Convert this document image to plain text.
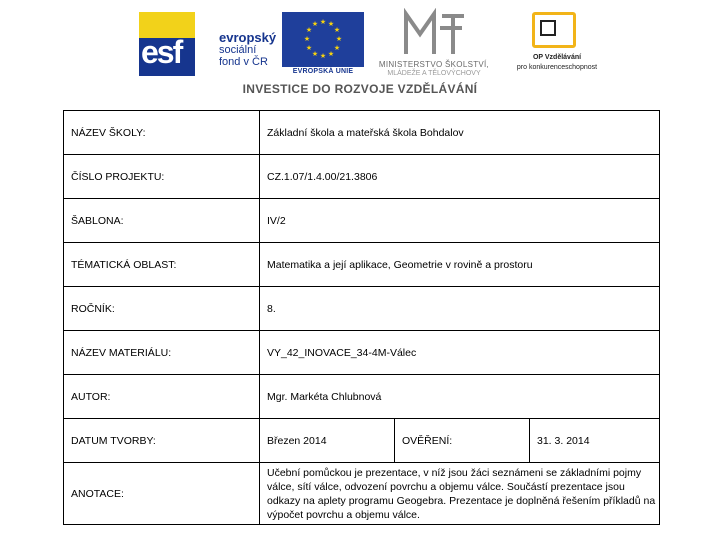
esf	evropský
sociální
fond v ČR
★ ★
★
★
★
★
★
★
★
★
★
★
EVROPSKÁ UNIE
MINISTERSTVO ŠKOLSTVÍ,
MLÁDEŽE A TĚLOVÝCHOVY
OP Vzdělávání
pro konkurenceschopnost
INVESTICE DO ROZVOJE VZDĚLÁVÁNÍ
NÁZEV ŠKOLY:	Základní škola a mateřská škola Bohdalov		
ČÍSLO PROJEKTU:	CZ.1.07/1.4.00/21.3806		
ŠABLONA:	IV/2		
TÉMATICKÁ OBLAST:	Matematika a její aplikace, Geometrie v rovině a prostoru		
ROČNÍK:	8.		
NÁZEV MATERIÁLU:	VY_42_INOVACE_34-4M-Válec		
AUTOR:	Mgr. Markéta Chlubnová		
DATUM TVORBY:	Březen 2014	OVĚŘENÍ:	31. 3. 2014
ANOTACE:	Učební pomůckou je prezentace, v níž jsou žáci seznámeni se základními pojmy válce, sítí válce, odvození povrchu a objemu válce. Součástí prezentace jsou odkazy na aplety programu Geogebra. Prezentace je doplněná řešením příkladů na výpočet povrchu a objemu válce.		
